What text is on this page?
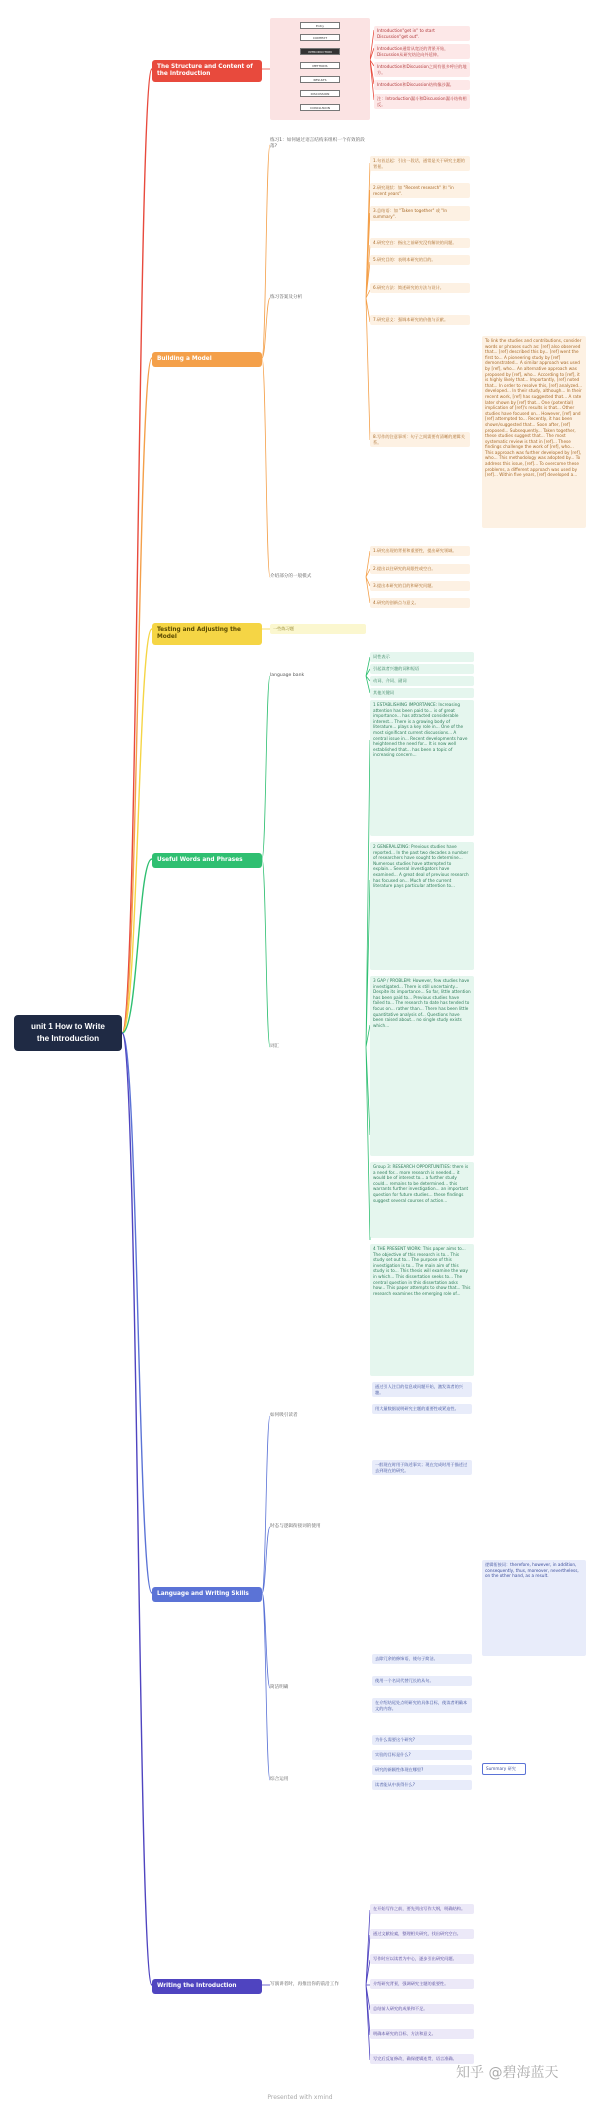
unit 1 How to Write
the Introduction
The Structure and Content of the Introduction
Entry
CONTEXT
INTRODUCTION
METHODS
RESULTS
DISCUSSION
CONCLUSION
Introduction"get in" to start Discussion"get out".
Introduction通常从宽泛的背景开始，Discussion从研究结论向外延伸。
Introduction和Discussion之间有很多呼应的地方。
Introduction和Discussion结构像沙漏。
注：Introduction漏斗和Discussion漏斗结构相反。
Building a Model
练习1：如何通过语言结构来组织一个有效的段落?
练习答案及分析
介绍部分的一般模式
1.句首总起：引出一段话，通常是关于研究主题的背景。
2.研究现状：如 "Recent research" 和 "in recent years".
3.总结语：如 "Taken together" 或 "In summary".
4.研究空白：指出之前研究没有解决的问题。
5.研究目的：表明本研究的目的。
6.研究方法：简述研究的方法与设计。
7.研究意义：强调本研究的价值与贡献。
8.写作的注意事项：句子之间需要有清晰的逻辑关系。
To link the studies and contributions, consider words or phrases such as: [ref] also observed that... [ref] described this by... [ref] went the first to... A pioneering study by [ref] demonstrated... A similar approach was used by [ref], who... An alternative approach was proposed by [ref], who... According to [ref], it is highly likely that... Importantly, [ref] noted that... In order to resolve this, [ref] analyzed... developed... In their study, although... In their recent work, [ref] has suggested that... A rate later shown by [ref] that... One (potential) implication of [ref]'s results is that... Other studies have focused on... However, [ref] and [ref] attempted to... Recently, it has been shown/suggested that... Soon after, [ref] proposed... Subsequently... Taken together, these studies suggest that... The most systematic review is that in [ref]... These findings challenge the work of [ref], who... This approach was further developed by [ref], who... This methodology was adopted by... To address this issue, [ref]... To overcome these problems, a different approach was used by [ref]... Within five years, [ref] developed a...
1.研究出现的背景和重要性，提出研究领域。
2.提出以往研究的局限性或空白。
3.提出本研究的目的和研究问题。
4.研究的创新点与意义。
Testing and Adjusting the Model
一些练习题
Useful Words and Phrases
language bank
词汇
词性表示
引起读者兴趣的词和短语
动词、介词、副词
其他关键词
1 ESTABLISHING IMPORTANCE: Increasing attention has been paid to... is of great importance... has attracted considerable interest... There is a growing body of literature... plays a key role in... One of the most significant current discussions... A central issue in... Recent developments have heightened the need for... It is now well established that... has been a topic of increasing concern...
2 GENERALIZING: Previous studies have reported... In the past two decades a number of researchers have sought to determine... Numerous studies have attempted to explain... Several investigators have examined... A great deal of previous research has focused on... Much of the current literature pays particular attention to...
3 GAP / PROBLEM: However, few studies have investigated... There is still uncertainty... Despite its importance... So far, little attention has been paid to... Previous studies have failed to... The research to date has tended to focus on... rather than... There has been little quantitative analysis of... Questions have been raised about... no single study exists which...
Group 3: RESEARCH OPPORTUNITIES: there is a need for... more research is needed... it would be of interest to... a further study could... remains to be determined... this warrants further investigation... an important question for future studies... these findings suggest several courses of action...
4 THE PRESENT WORK: This paper aims to... The objective of this research is to... This study set out to... The purpose of this investigation is to... The main aim of this study is to... This thesis will examine the way in which... This dissertation seeks to... The central question in this dissertation asks how... This paper attempts to show that... This research examines the emerging role of...
Language and Writing Skills
如何吸引读者
时态与逻辑衔接词的使用
简洁明确
综合运用
通过引人注目的信息或问题开始，激发读者的兴趣。
用大量数据说明研究主题的重要性或紧迫性。
一般现在时用于陈述事实；现在完成时用于描述过去到现在的研究。
逻辑衔接词：therefore, however, in addition, consequently, thus, moreover, nevertheless, on the other hand, as a result.
去除冗余的修饰语，使句子简洁。
使用一个名词代替冗长的从句。
在介绍结尾处点明研究的具体目标，使读者明确本文的内容。
为什么需要这个研究?
实验的目标是什么?
研究的新颖性体现在哪里?
读者能从中获得什么?
Summary 研究
Writing the Introduction	写演讲者时，再推出你的前沿工作
在开始写作之前，要先列出写作大纲，明确结构。
通过文献检索，整理相关研究，找出研究空白。
写作时应以读者为中心，逐步引出研究问题。
介绍研究背景，强调研究主题的重要性。
总结前人研究的成果和不足。
明确本研究的目标、方法和意义。
写完后反复修改，确保逻辑连贯、语言准确。
知乎 @碧海蓝天
Presented with xmind
